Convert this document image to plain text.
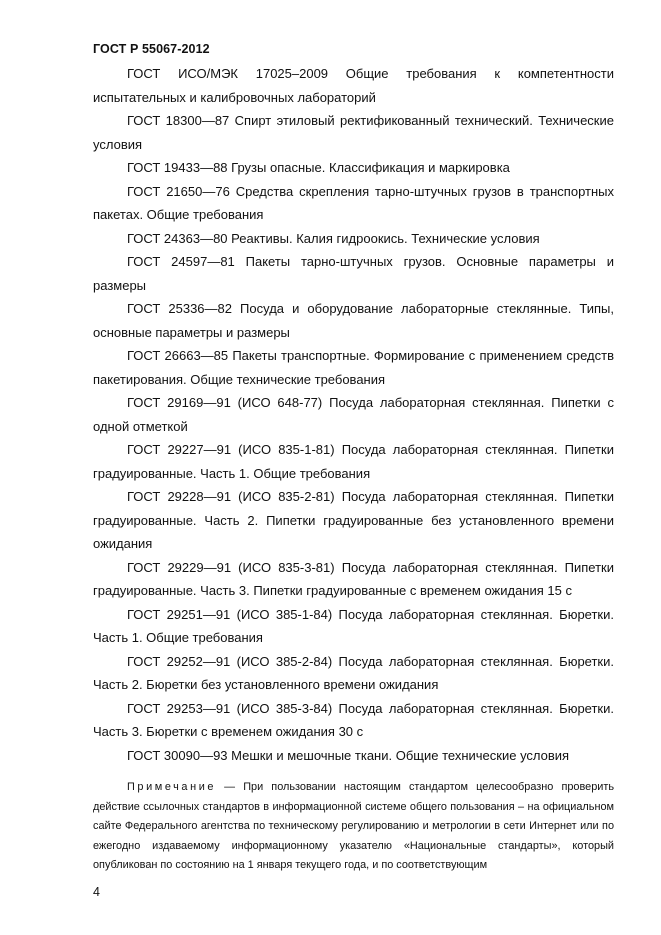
ГОСТ Р 55067-2012

ГОСТ ИСО/МЭК 17025–2009 Общие требования к компетентности испытательных и калибровочных лабораторий

ГОСТ 18300—87 Спирт этиловый ректификованный технический. Технические условия

ГОСТ 19433—88 Грузы опасные. Классификация и маркировка

ГОСТ 21650—76 Средства скрепления тарно-штучных грузов в транспортных пакетах. Общие требования

ГОСТ 24363—80 Реактивы. Калия гидроокись. Технические условия

ГОСТ 24597—81 Пакеты тарно-штучных грузов. Основные параметры и размеры

ГОСТ 25336—82 Посуда и оборудование лабораторные стеклянные. Типы, основные параметры и размеры

ГОСТ 26663—85 Пакеты транспортные. Формирование с применением средств пакетирования. Общие технические требования

ГОСТ 29169—91 (ИСО 648-77) Посуда лабораторная стеклянная. Пипетки с одной отметкой

ГОСТ 29227—91 (ИСО 835-1-81) Посуда лабораторная стеклянная. Пипетки градуированные. Часть 1. Общие требования

ГОСТ 29228—91 (ИСО 835-2-81) Посуда лабораторная стеклянная. Пипетки градуированные. Часть 2. Пипетки градуированные без установленного времени ожидания

ГОСТ 29229—91 (ИСО 835-3-81) Посуда лабораторная стеклянная. Пипетки градуированные. Часть 3. Пипетки градуированные с временем ожидания 15 с

ГОСТ 29251—91 (ИСО 385-1-84) Посуда лабораторная стеклянная. Бюретки. Часть 1. Общие требования

ГОСТ 29252—91 (ИСО 385-2-84) Посуда лабораторная стеклянная. Бюретки. Часть 2. Бюретки без установленного времени ожидания

ГОСТ 29253—91 (ИСО 385-3-84) Посуда лабораторная стеклянная. Бюретки. Часть 3. Бюретки с временем ожидания 30 с

ГОСТ 30090—93 Мешки и мешочные ткани. Общие технические условия

Примечание — При пользовании настоящим стандартом целесообразно проверить действие ссылочных стандартов в информационной системе общего пользования – на официальном сайте Федерального агентства по техническому регулированию и метрологии в сети Интернет или по ежегодно издаваемому информационному указателю «Национальные стандарты», который опубликован по состоянию на 1 января текущего года, и по соответствующим
4
